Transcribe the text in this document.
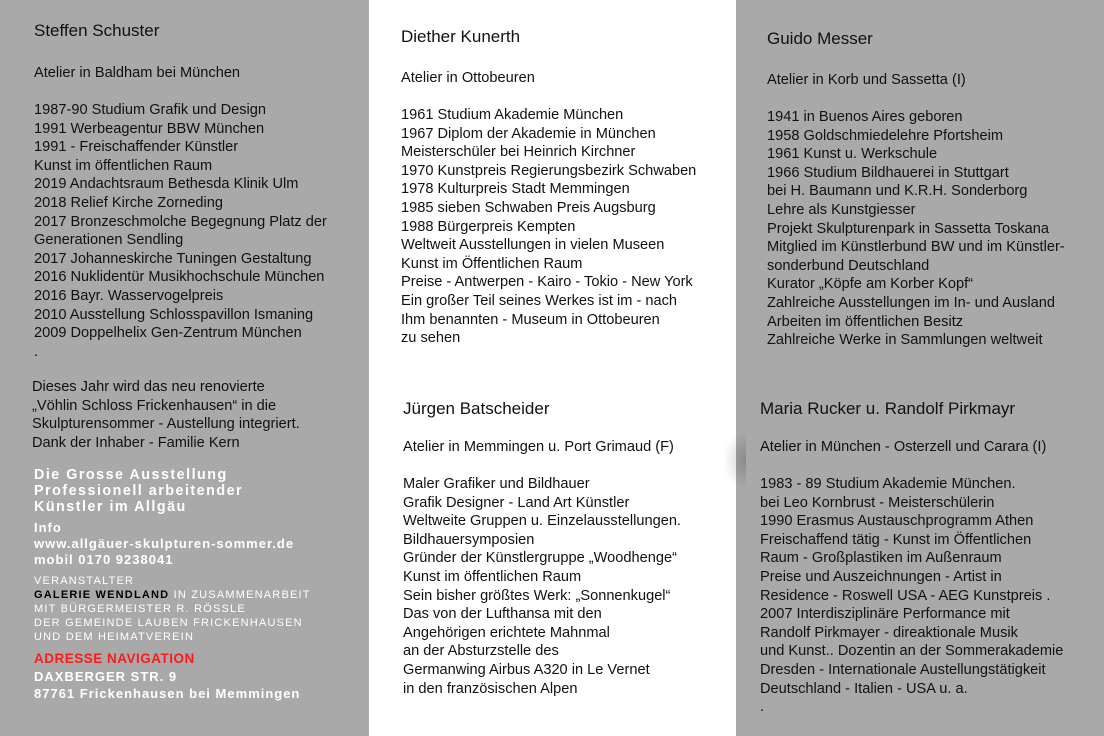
Steffen Schuster
Atelier in Baldham bei München
1987-90 Studium Grafik und Design
1991 Werbeagentur BBW München
1991 - Freischaffender Künstler
Kunst im öffentlichen Raum
2019 Andachtsraum Bethesda Klinik Ulm
2018 Relief Kirche Zorneding
2017 Bronzeschmolche Begegnung Platz der
Generationen Sendling
2017 Johanneskirche Tuningen Gestaltung
2016 Nuklidentür Musikhochschule München
2016 Bayr. Wasservogelpreis
2010 Ausstellung Schlosspavillon Ismaning
2009 Doppelhelix Gen-Zentrum München
.
Dieses Jahr wird das neu renovierte
„Vöhlin Schloss Frickenhausen“ in die
Skulpturensommer - Austellung integriert.
Dank der Inhaber - Familie Kern
Die Grosse Ausstellung
Professionell arbeitender
Künstler im Allgäu
Info
www.allgäuer-skulpturen-sommer.de
mobil 0170 9238041
VERANSTALTER
GALERIE WENDLAND IN ZUSAMMENARBEIT
MIT BÜRGERMEISTER R. RÖSSLE
DER GEMEINDE LAUBEN FRICKENHAUSEN
UND DEM HEIMATVEREIN
ADRESSE NAVIGATION
DAXBERGER STR. 9
87761 Frickenhausen bei Memmingen
Diether Kunerth
Atelier in Ottobeuren
1961 Studium Akademie München
1967 Diplom der Akademie in München
Meisterschüler bei Heinrich Kirchner
1970 Kunstpreis Regierungsbezirk Schwaben
1978 Kulturpreis Stadt Memmingen
1985 sieben Schwaben Preis Augsburg
1988 Bürgerpreis Kempten
Weltweit Ausstellungen in vielen Museen
Kunst im Öffentlichen Raum
Preise - Antwerpen - Kairo - Tokio - New York
Ein großer Teil seines Werkes ist im - nach
Ihm benannten - Museum in Ottobeuren
zu sehen
Jürgen Batscheider
Atelier in Memmingen u. Port Grimaud (F)
Maler Grafiker und Bildhauer
Grafik Designer - Land Art Künstler
Weltweite Gruppen u. Einzelausstellungen.
Bildhauersymposien
Gründer der Künstlergruppe „Woodhenge“
Kunst im öffentlichen Raum
Sein bisher größtes Werk: „Sonnenkugel“
Das von der Lufthansa mit den
Angehörigen erichtete Mahnmal
an der Absturzstelle des
Germanwing Airbus A320 in Le Vernet
in den französischen Alpen
Guido Messer
Atelier in Korb und Sassetta (I)
1941 in Buenos Aires geboren
1958 Goldschmiedelehre Pfortsheim
1961 Kunst u. Werkschule
1966 Studium Bildhauerei in Stuttgart
bei H. Baumann und K.R.H. Sonderborg
Lehre als Kunstgiesser
Projekt Skulpturenpark in Sassetta Toskana
Mitglied im Künstlerbund BW und im Künstler-
sonderbund Deutschland
Kurator „Köpfe am Korber Kopf“
Zahlreiche Ausstellungen im In- und Ausland
Arbeiten im öffentlichen Besitz
Zahlreiche Werke in Sammlungen weltweit
Maria Rucker u. Randolf Pirkmayr
Atelier in München - Osterzell und Carara (I)
1983 - 89 Studium Akademie München.
bei Leo Kornbrust - Meisterschülerin
1990 Erasmus Austauschprogramm Athen
Freischaffend tätig - Kunst im Öffentlichen
Raum - Großplastiken im Außenraum
Preise und Auszeichnungen - Artist in
Residence - Roswell USA - AEG Kunstpreis .
2007 Interdisziplinäre Performance mit
Randolf Pirkmayer - direaktionale Musik
und Kunst.. Dozentin an der Sommerakademie
Dresden - Internationale Austellungstätigkeit
Deutschland - Italien - USA u. a.
.
